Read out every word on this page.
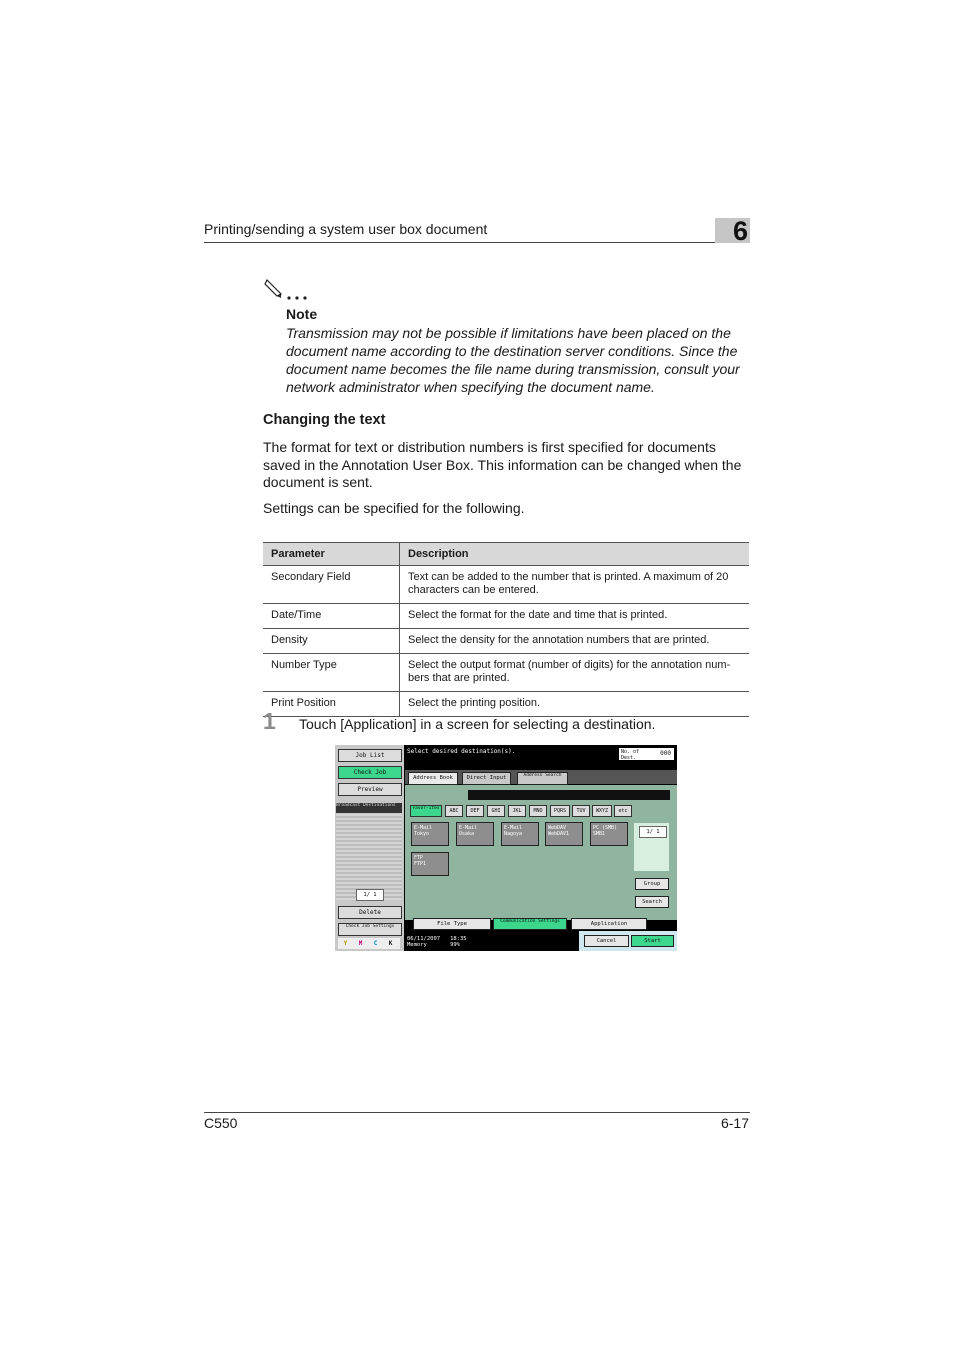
Printing/sending a system user box document	6
Note
Transmission may not be possible if limitations have been placed on the document name according to the destination server conditions. Since the document name becomes the file name during transmission, consult your network administrator when specifying the document name.
Changing the text
The format for text or distribution numbers is first specified for documents saved in the Annotation User Box. This information can be changed when the document is sent.
Settings can be specified for the following.
Parameter	Description
Secondary Field	Text can be added to the number that is printed. A maximum of 20 characters can be entered.
Date/Time	Select the format for the date and time that is printed.
Density	Select the density for the annotation numbers that are printed.
Number Type	Select the output format (number of digits) for the annotation num-bers that are printed.
Print Position	Select the printing position.
1 Touch [Application] in a screen for selecting a destination.
Job List
Check Job
Preview
Broadcast Destinations
1/ 1
Delete
Check Job Settings
Y M C K
Select desired destination(s).	No. of Dest.
000
Address Book	Direct Input	Address Search
Favor-ites	ABC	DEF	GHI	JKL	MNO	PQRS	TUV	WXYZ	etc
E-Mail
Tokyo
E-Mail
Osaka
E-Mail
Nagoya
WebDAV
WebDAV1
PC (SMB)
SMB1
FTP
FTP1
1/ 1
Group
Search
File Type	Communication Settings	Application
06/11/2007 18:35
Memory	99%
Cancel	Start
C550	6-17
